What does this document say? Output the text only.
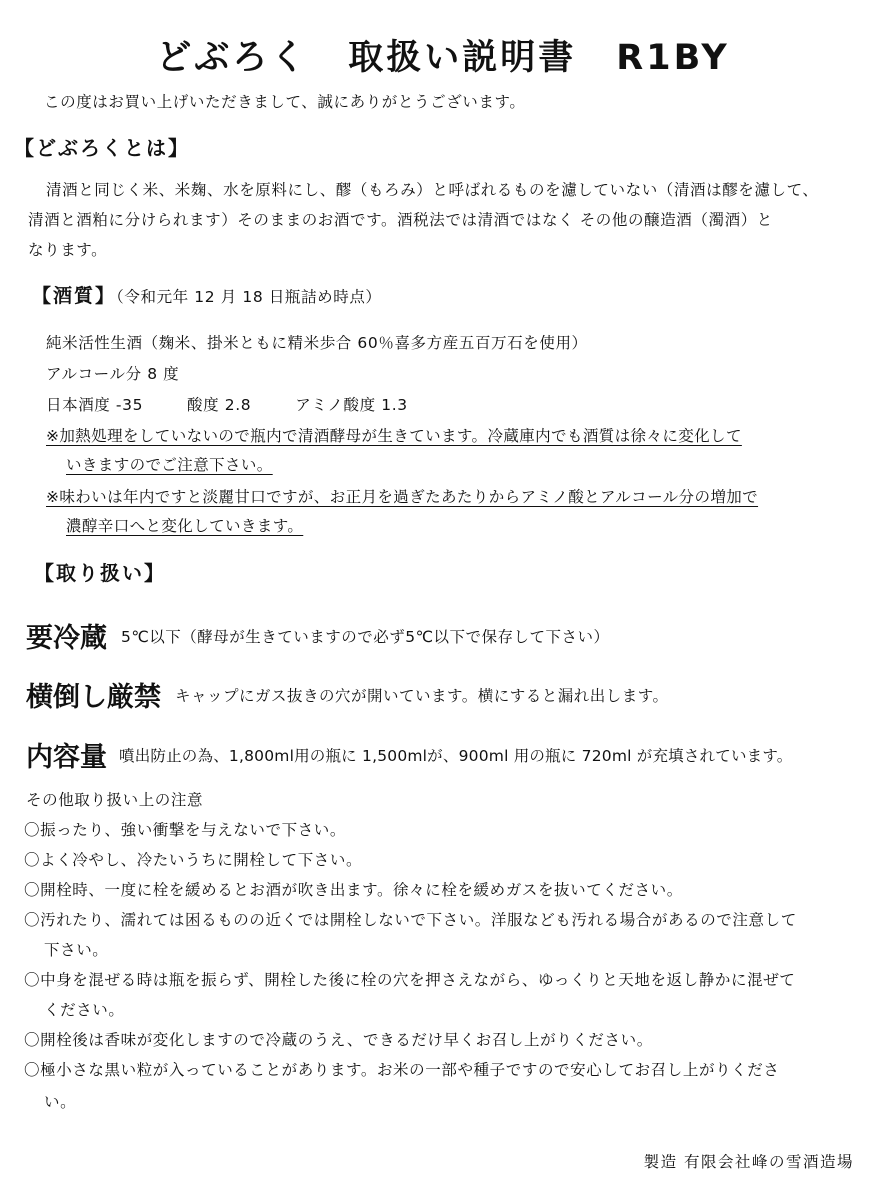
どぶろく 取扱い説明書 R1BY
この度はお買い上げいただきまして、誠にありがとうございます。
【どぶろくとは】
清酒と同じく米、米麹、水を原料にし、醪（もろみ）と呼ばれるものを濾していない（清酒は醪を濾して、
清酒と酒粕に分けられます）そのままのお酒です。酒税法では清酒ではなく その他の醸造酒（濁酒）と
なります。
【酒質】（令和元年 12 月 18 日瓶詰め時点）
純米活性生酒（麹米、掛米ともに精米歩合 60％喜多方産五百万石を使用）
アルコール分 8 度
日本酒度 -35	酸度 2.8	アミノ酸度 1.3
※加熱処理をしていないので瓶内で清酒酵母が生きています。冷蔵庫内でも酒質は徐々に変化して
いきますのでご注意下さい。
※味わいは年内ですと淡麗甘口ですが、お正月を過ぎたあたりからアミノ酸とアルコール分の増加で
濃醇辛口へと変化していきます。
【取り扱い】
要冷蔵 5℃以下（酵母が生きていますので必ず5℃以下で保存して下さい）
横倒し厳禁 キャップにガス抜きの穴が開いています。横にすると漏れ出します。
内容量 噴出防止の為、1,800ml用の瓶に 1,500mlが、900ml 用の瓶に 720ml が充填されています。
その他取り扱い上の注意
〇振ったり、強い衝撃を与えないで下さい。
〇よく冷やし、冷たいうちに開栓して下さい。
〇開栓時、一度に栓を緩めるとお酒が吹き出ます。徐々に栓を緩めガスを抜いてください。
〇汚れたり、濡れては困るものの近くでは開栓しないで下さい。洋服なども汚れる場合があるので注意して
下さい。
〇中身を混ぜる時は瓶を振らず、開栓した後に栓の穴を押さえながら、ゆっくりと天地を返し静かに混ぜて
ください。
〇開栓後は香味が変化しますので冷蔵のうえ、できるだけ早くお召し上がりください。
〇極小さな黒い粒が入っていることがあります。お米の一部や種子ですので安心してお召し上がりくださ
い。
製造 有限会社峰の雪酒造場
